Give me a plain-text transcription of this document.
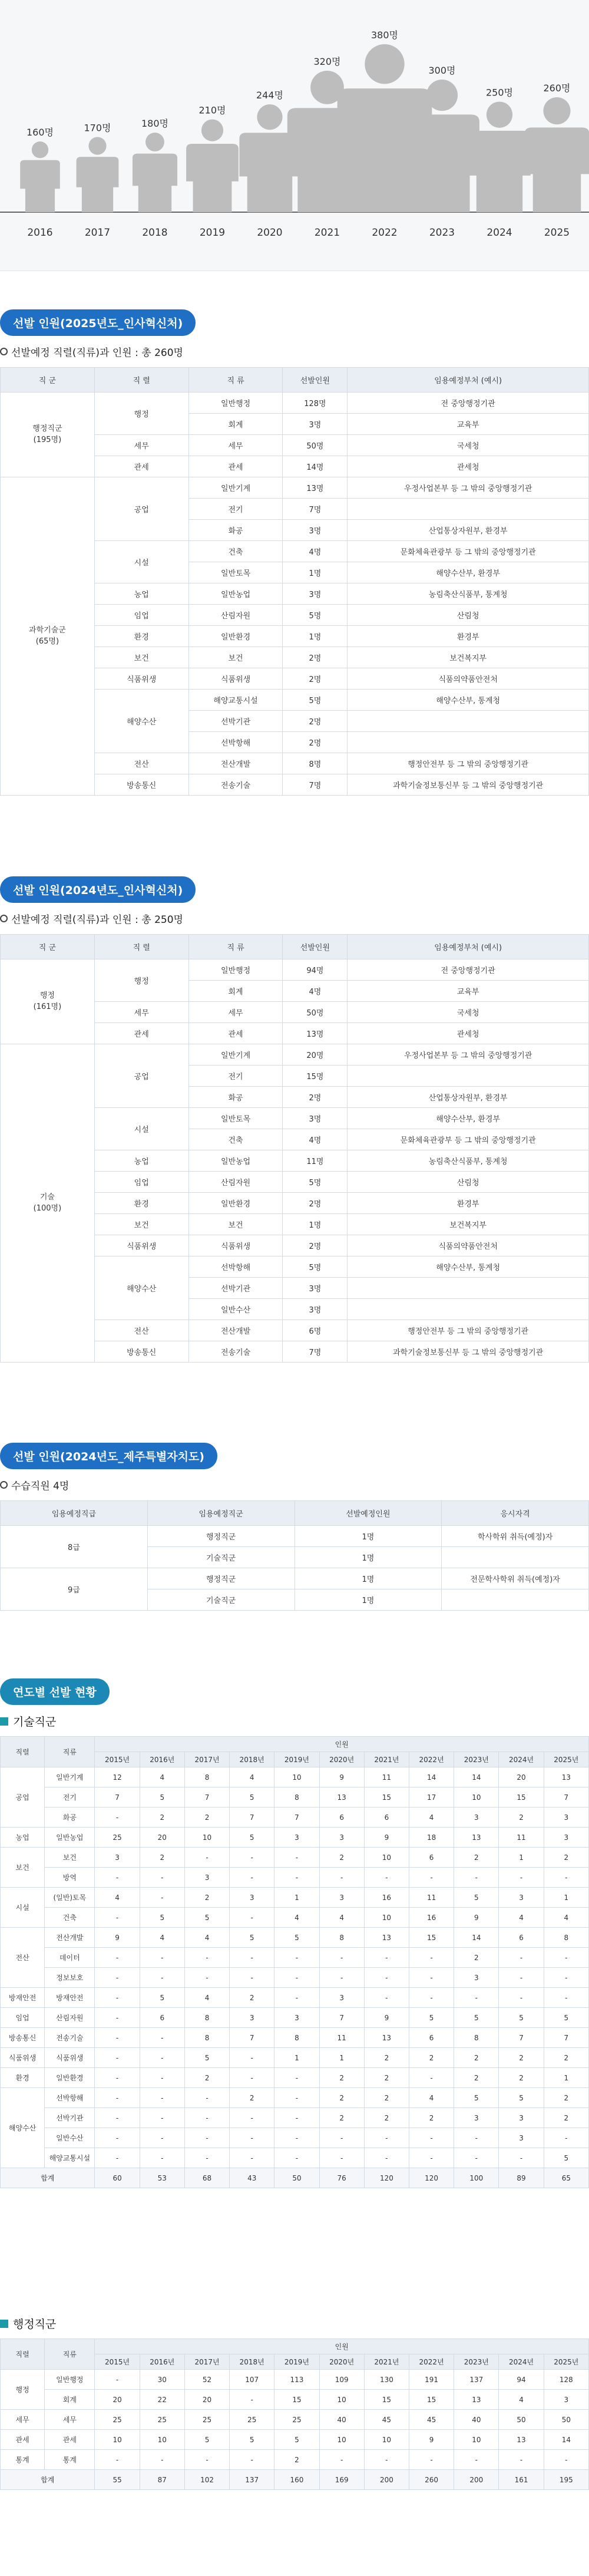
160명
2016
170명
2017
180명
2018
210명
2019
244명
2020
320명
2021
380명
2022
300명
2023
250명
2024
260명
2025
선발 인원(2025년도_인사혁신처)
선발예정 직렬(직류)과 인원 : 총 260명
직 군	직 렬	직 류	선발인원	임용예정부처 (예시)
행정직군
(195명)	행정	일반행정	128명	전 중앙행정기관
		회계	3명	교육부
	세무	세무	50명	국세청
	관세	관세	14명	관세청
과학기술군
(65명)	공업	일반기계	13명	우정사업본부 등 그 밖의 중앙행정기관
		전기	7명	
		화공	3명	산업통상자원부, 환경부
	시설	건축	4명	문화체육관광부 등 그 밖의 중앙행정기관
		일반토목	1명	해양수산부, 환경부
	농업	일반농업	3명	농림축산식품부, 통계청
	임업	산림자원	5명	산림청
	환경	일반환경	1명	환경부
	보건	보건	2명	보건복지부
	식품위생	식품위생	2명	식품의약품안전처
	해양수산	해양교통시설	5명	해양수산부, 통계청
		선박기관	2명	
		선박항해	2명	
	전산	전산개발	8명	행정안전부 등 그 밖의 중앙행정기관
	방송통신	전송기술	7명	과학기술정보통신부 등 그 밖의 중앙행정기관
선발 인원(2024년도_인사혁신처)
선발예정 직렬(직류)과 인원 : 총 250명
직 군	직 렬	직 류	선발인원	임용예정부처 (예시)
행정
(161명)	행정	일반행정	94명	전 중앙행정기관
		회계	4명	교육부
	세무	세무	50명	국세청
	관세	관세	13명	관세청
기술
(100명)	공업	일반기계	20명	우정사업본부 등 그 밖의 중앙행정기관
		전기	15명	
		화공	2명	산업통상자원부, 환경부
	시설	일반토목	3명	해양수산부, 환경부
		건축	4명	문화체육관광부 등 그 밖의 중앙행정기관
	농업	일반농업	11명	농림축산식품부, 통계청
	임업	산림자원	5명	산림청
	환경	일반환경	2명	환경부
	보건	보건	1명	보건복지부
	식품위생	식품위생	2명	식품의약품안전처
	해양수산	선박항해	5명	해양수산부, 통계청
		선박기관	3명	
		일반수산	3명	
	전산	전산개발	6명	행정안전부 등 그 밖의 중앙행정기관
	방송통신	전송기술	7명	과학기술정보통신부 등 그 밖의 중앙행정기관
선발 인원(2024년도_제주특별자치도)
수습직원 4명
임용예정직급	임용예정직군	선발예정인원	응시자격
8급	행정직군	1명	학사학위 취득(예정)자
	기술직군	1명	
9급	행정직군	1명	전문학사학위 취득(예정)자
	기술직군	1명	
연도별 선발 현황
기술직군
직렬	직류	인원										
		2015년	2016년	2017년	2018년	2019년	2020년	2021년	2022년	2023년	2024년	2025년
공업	일반기계	12	4	8	4	10	9	11	14	14	20	13
	전기	7	5	7	5	8	13	15	17	10	15	7
	화공	-	2	2	7	7	6	6	4	3	2	3
농업	일반농업	25	20	10	5	3	3	9	18	13	11	3
보건	보건	3	2	-	-	-	2	10	6	2	1	2
	방역	-	-	3	-	-	-	-	-	-	-	-
시설	(일반)토목	4	-	2	3	1	3	16	11	5	3	1
	건축	-	5	5	-	4	4	10	16	9	4	4
전산	전산개발	9	4	4	5	5	8	13	15	14	6	8
	데이터	-	-	-	-	-	-	-	-	2	-	-
	정보보호	-	-	-	-	-	-	-	-	3	-	-
방재안전	방재안전	-	5	4	2	-	3	-	-	-	-	-
임업	산림자원	-	6	8	3	3	7	9	5	5	5	5
방송통신	전송기술	-	-	8	7	8	11	13	6	8	7	7
식품위생	식품위생	-	-	5	-	1	1	2	2	2	2	2
환경	일반환경	-	-	2	-	-	2	2	-	2	2	1
해양수산	선박항해	-	-	-	2	-	2	2	4	5	5	2
	선박기관	-	-	-	-	-	2	2	2	3	3	2
	일반수산	-	-	-	-	-	-	-	-	-	3	-
	해양교통시설	-	-	-	-	-	-	-	-	-	-	5
합계		60	53	68	43	50	76	120	120	100	89	65
행정직군
직렬	직류	인원										
		2015년	2016년	2017년	2018년	2019년	2020년	2021년	2022년	2023년	2024년	2025년
행정	일반행정	-	30	52	107	113	109	130	191	137	94	128
	회계	20	22	20	-	15	10	15	15	13	4	3
세무	세무	25	25	25	25	25	40	45	45	40	50	50
관세	관세	10	10	5	5	5	10	10	9	10	13	14
통계	통계	-	-	-	-	2	-	-	-	-	-	-
합계		55	87	102	137	160	169	200	260	200	161	195
